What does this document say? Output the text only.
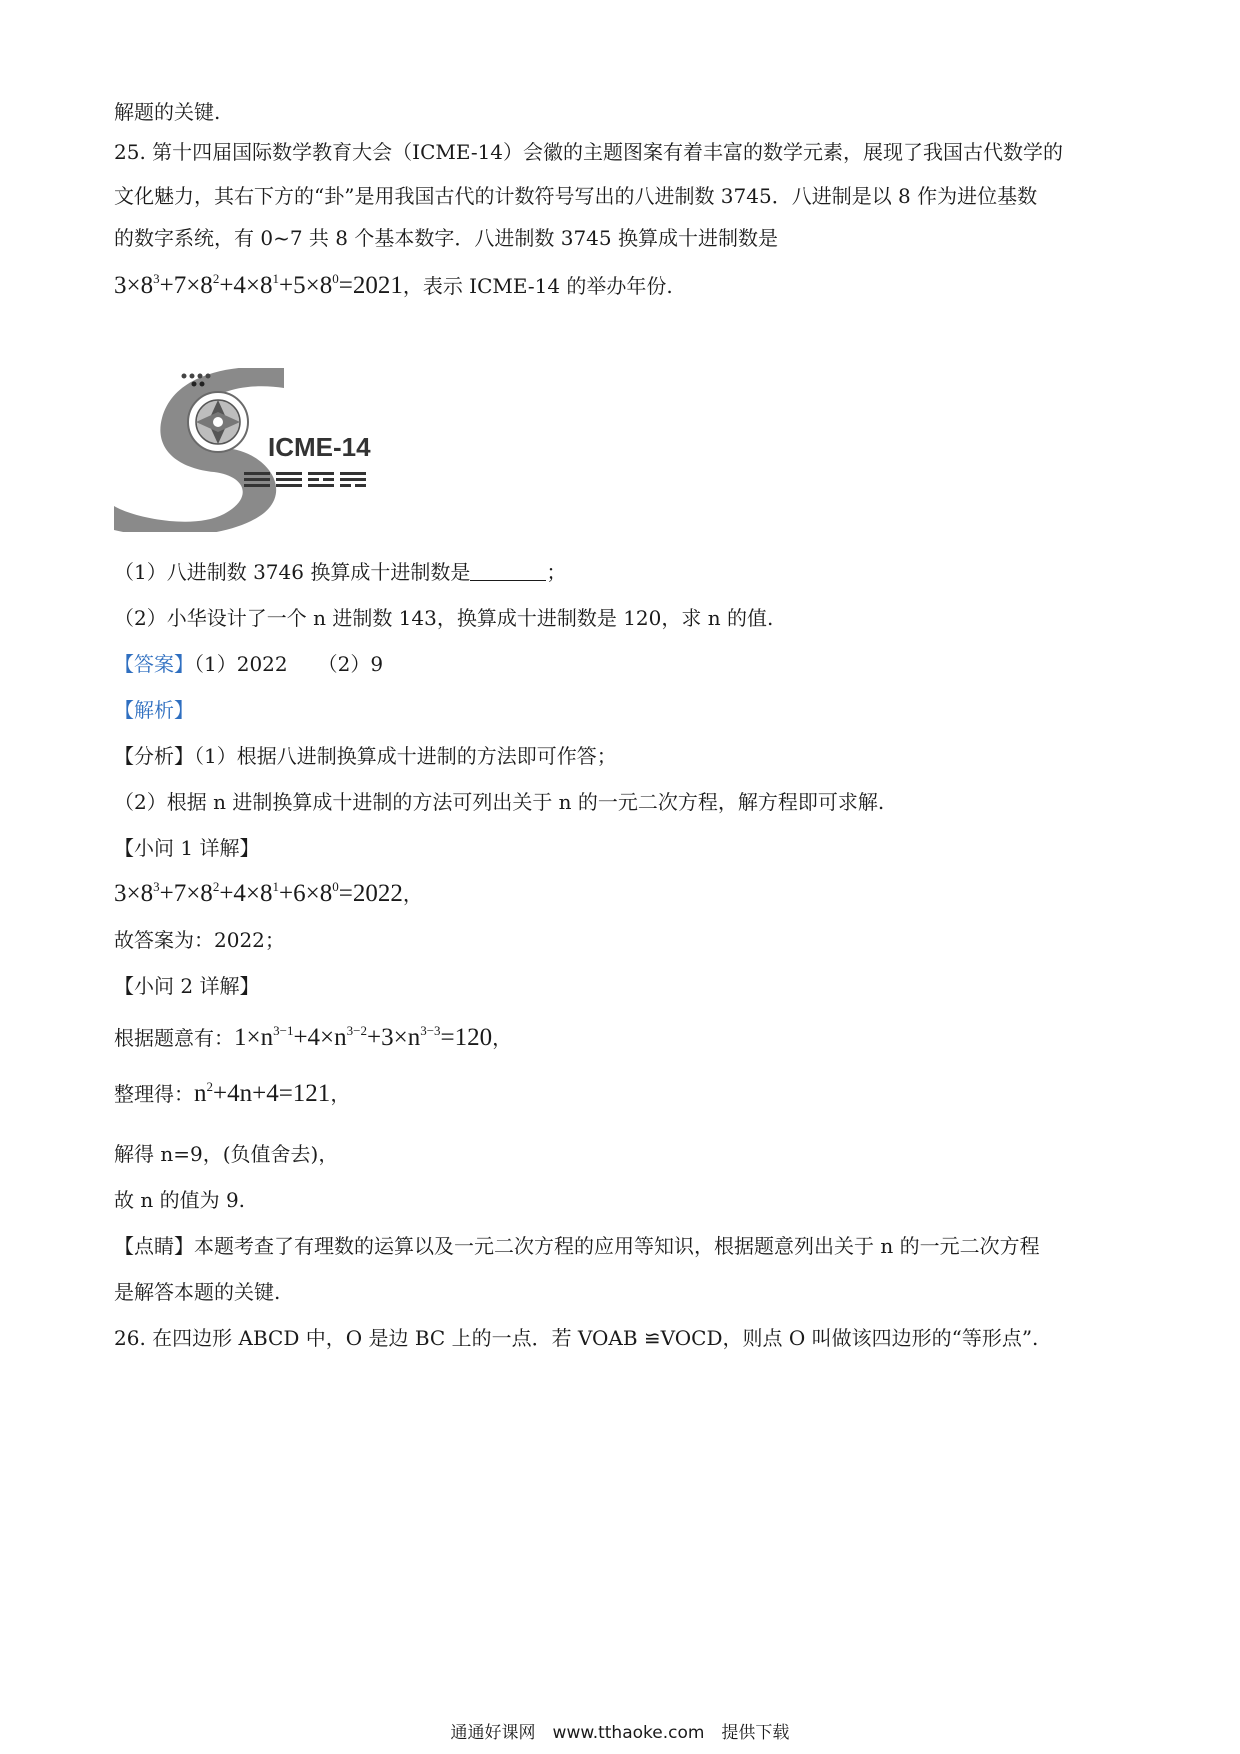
解题的关键.
25. 第十四届国际数学教育大会（ICME-14）会徽的主题图案有着丰富的数学元素，展现了我国古代数学的
文化魅力，其右下方的“卦”是用我国古代的计数符号写出的八进制数 3745．八进制是以 8 作为进位基数
的数字系统，有 0~7 共 8 个基本数字．八进制数 3745 换算成十进制数是
$3\times 8^3+7\times 8^2+4\times 8^1+5\times 8^0=2021$，表示 ICME-14 的举办年份.
ICME-14
（1）八进制数 3746 换算成十进制数是	；
（2）小华设计了一个 n 进制数 143，换算成十进制数是 120，求 n 的值.
【答案】（1）2022　　（2）9
【解析】
【分析】（1）根据八进制换算成十进制的方法即可作答；
（2）根据 n 进制换算成十进制的方法可列出关于 n 的一元二次方程，解方程即可求解.
【小问 1 详解】
$3\times 8^3+7\times 8^2+4\times 8^1+6\times 8^0=2022$，
故答案为：2022；
【小问 2 详解】
根据题意有：$1\times n^{3-1}+4\times n^{3-2}+3\times n^{3-3}=120$，
整理得：$n^2+4n+4=121$，
解得 n=9，(负值舍去)，
故 n 的值为 9.
【点睛】本题考查了有理数的运算以及一元二次方程的应用等知识，根据题意列出关于 n 的一元二次方程
是解答本题的关键.
26. 在四边形 ABCD 中，O 是边 BC 上的一点．若 VOAB ≌VOCD，则点 O 叫做该四边形的“等形点”.
通通好课网　www.tthaoke.com　提供下载
